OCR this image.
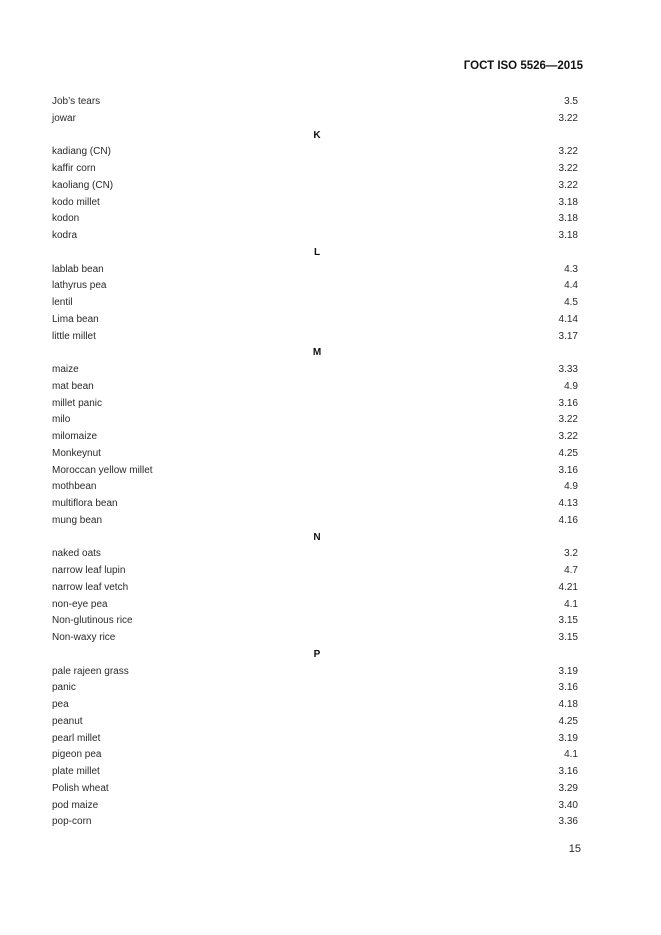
ГОСТ ISO 5526—2015
Job’s tears	3.5
jowar	3.22
K
kadiang (CN)	3.22
kaffir corn	3.22
kaoliang (CN)	3.22
kodo millet	3.18
kodon	3.18
kodra	3.18
L
lablab bean	4.3
lathyrus pea	4.4
lentil	4.5
Lima bean	4.14
little millet	3.17
M
maize	3.33
mat bean	4.9
millet panic	3.16
milo	3.22
milomaize	3.22
Monkeynut	4.25
Moroccan yellow millet	3.16
mothbean	4.9
multiflora bean	4.13
mung bean	4.16
N
naked oats	3.2
narrow leaf lupin	4.7
narrow leaf vetch	4.21
non-eye pea	4.1
Non-glutinous rice	3.15
Non-waxy rice	3.15
P
pale rajeen grass	3.19
panic	3.16
pea	4.18
peanut	4.25
pearl millet	3.19
pigeon pea	4.1
plate millet	3.16
Polish wheat	3.29
pod maize	3.40
pop-corn	3.36
15
